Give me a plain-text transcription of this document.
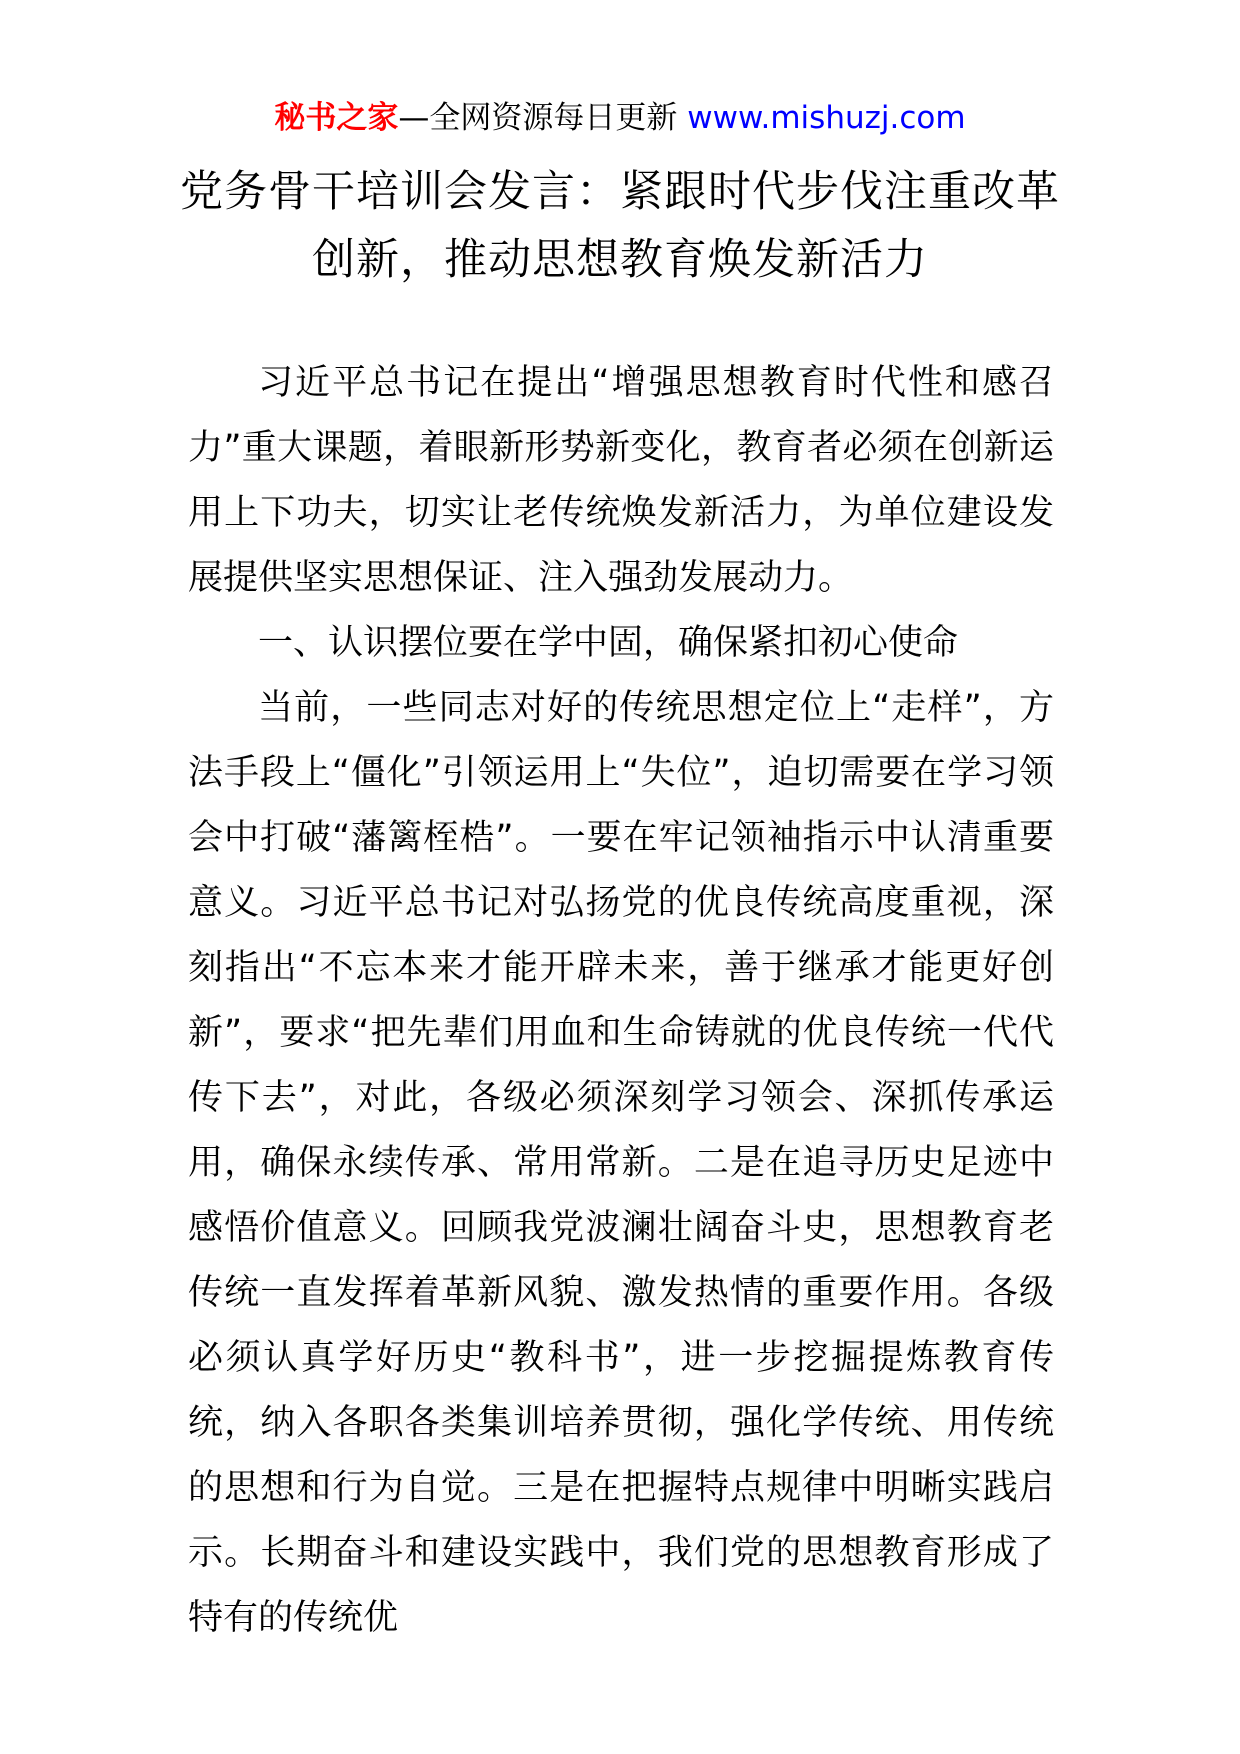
秘书之家—全网资源每日更新 www.mishuzj.com
党务骨干培训会发言：紧跟时代步伐注重改革创新，推动思想教育焕发新活力

习近平总书记在提出“增强思想教育时代性和感召力”重大课题，着眼新形势新变化，教育者必须在创新运用上下功夫，切实让老传统焕发新活力，为单位建设发展提供坚实思想保证、注入强劲发展动力。

一、认识摆位要在学中固，确保紧扣初心使命

当前，一些同志对好的传统思想定位上“走样”，方法手段上“僵化”引领运用上“失位”，迫切需要在学习领会中打破“藩篱桎梏”。一要在牢记领袖指示中认清重要意义。习近平总书记对弘扬党的优良传统高度重视，深刻指出“不忘本来才能开辟未来，善于继承才能更好创新”，要求“把先辈们用血和生命铸就的优良传统一代代传下去”，对此，各级必须深刻学习领会、深抓传承运用，确保永续传承、常用常新。二是在追寻历史足迹中感悟价值意义。回顾我党波澜壮阔奋斗史，思想教育老传统一直发挥着革新风貌、激发热情的重要作用。各级必须认真学好历史“教科书”，进一步挖掘提炼教育传统，纳入各职各类集训培养贯彻，强化学传统、用传统的思想和行为自觉。三是在把握特点规律中明晰实践启示。长期奋斗和建设实践中，我们党的思想教育形成了特有的传统优
